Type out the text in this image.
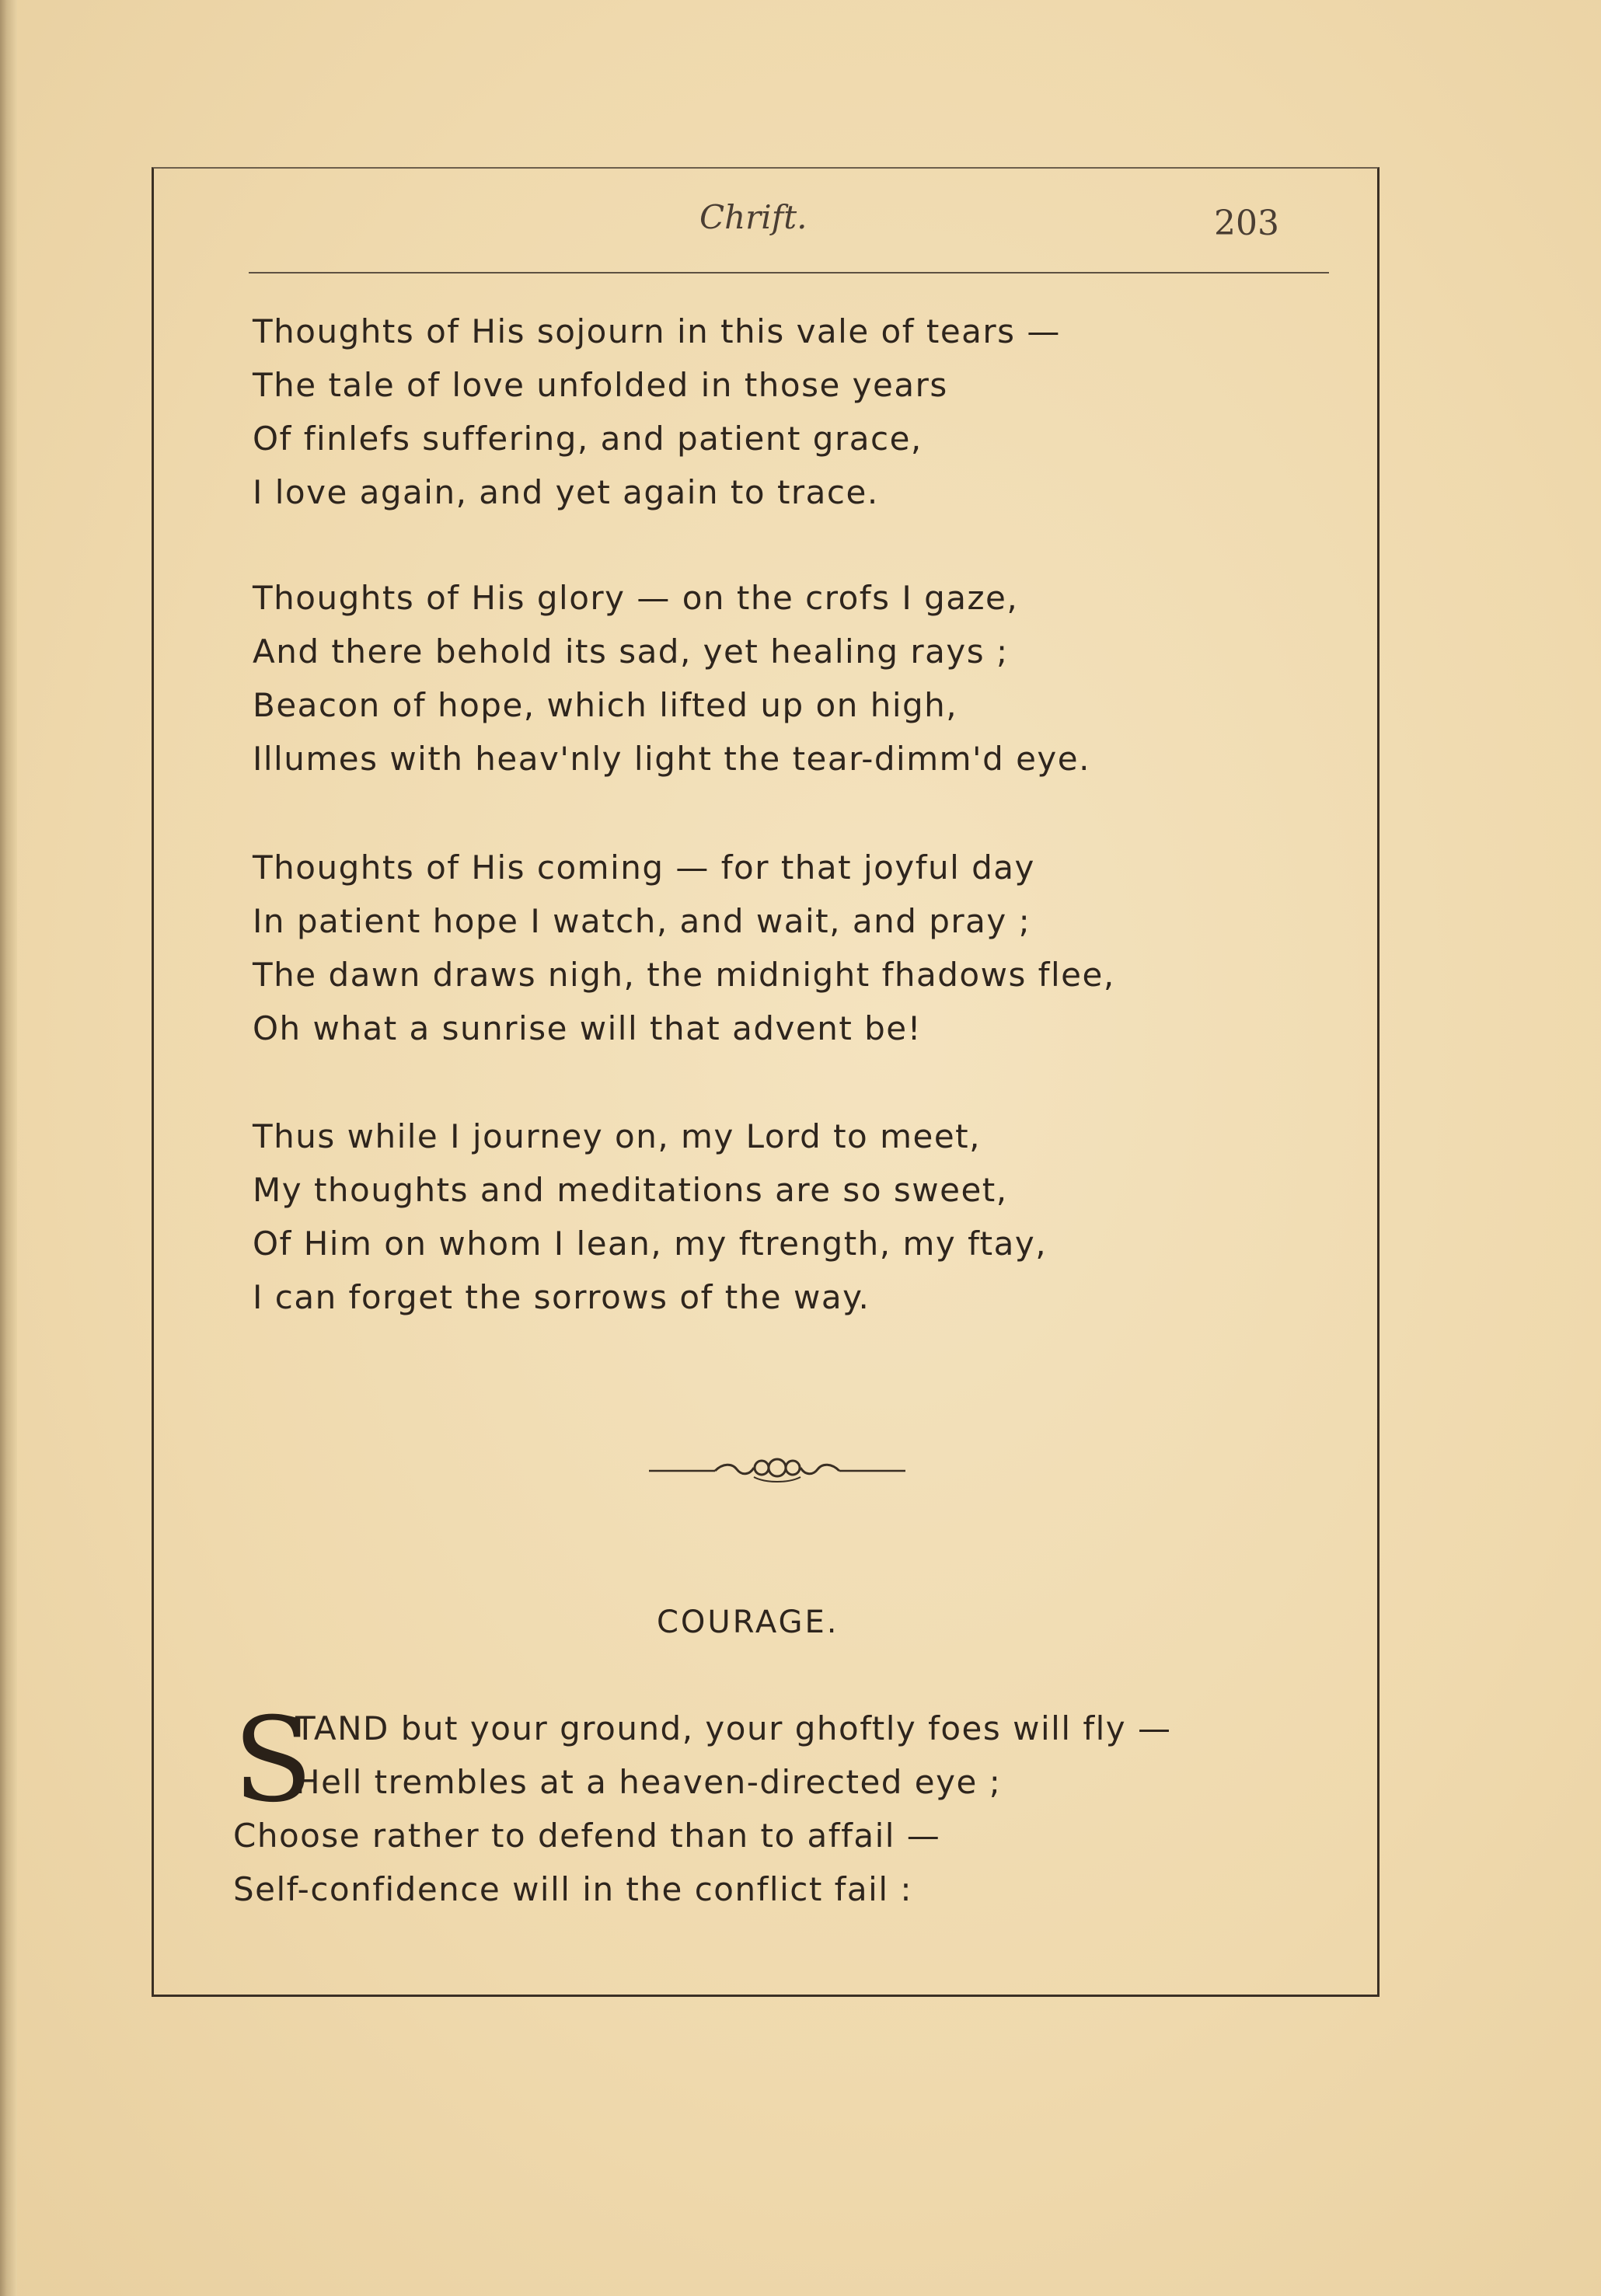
Chrift.	203
Thoughts of His sojourn in this vale of tears —
The tale of love unfolded in those years
Of finlefs suffering, and patient grace,
I love again, and yet again to trace.
Thoughts of His glory — on the crofs I gaze,
And there behold its sad, yet healing rays ;
Beacon of hope, which lifted up on high,
Illumes with heav'nly light the tear-dimm'd eye.
Thoughts of His coming — for that joyful day
In patient hope I watch, and wait, and pray ;
The dawn draws nigh, the midnight fhadows flee,
Oh what a sunrise will that advent be!
Thus while I journey on, my Lord to meet,
My thoughts and meditations are so sweet,
Of Him on whom I lean, my ftrength, my ftay,
I can forget the sorrows of the way.
COURAGE.
S
TAND but your ground, your ghoftly foes will fly —
Hell trembles at a heaven-directed eye ;
Choose rather to defend than to affail —
Self-confidence will in the conflict fail :
